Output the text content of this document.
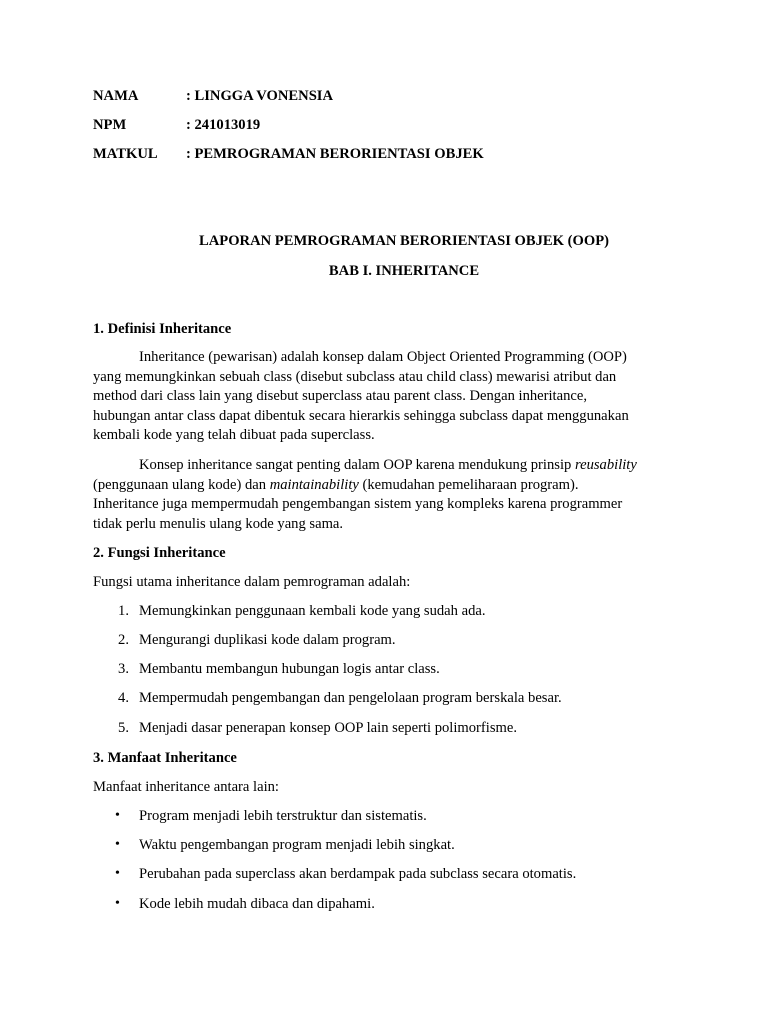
NAMA	: LINGGA VONENSIA
NPM	: 241013019
MATKUL : PEMROGRAMAN BERORIENTASI OBJEK
LAPORAN PEMROGRAMAN BERORIENTASI OBJEK (OOP)
BAB I. INHERITANCE
1. Definisi Inheritance
Inheritance (pewarisan) adalah konsep dalam Object Oriented Programming (OOP)
yang memungkinkan sebuah class (disebut subclass atau child class) mewarisi atribut dan
method dari class lain yang disebut superclass atau parent class. Dengan inheritance,
hubungan antar class dapat dibentuk secara hierarkis sehingga subclass dapat menggunakan
kembali kode yang telah dibuat pada superclass.
Konsep inheritance sangat penting dalam OOP karena mendukung prinsip reusability
(penggunaan ulang kode) dan maintainability (kemudahan pemeliharaan program).
Inheritance juga mempermudah pengembangan sistem yang kompleks karena programmer
tidak perlu menulis ulang kode yang sama.
2. Fungsi Inheritance
Fungsi utama inheritance dalam pemrograman adalah:
1. Memungkinkan penggunaan kembali kode yang sudah ada.
2. Mengurangi duplikasi kode dalam program.
3. Membantu membangun hubungan logis antar class.
4. Mempermudah pengembangan dan pengelolaan program berskala besar.
5. Menjadi dasar penerapan konsep OOP lain seperti polimorfisme.
3. Manfaat Inheritance
Manfaat inheritance antara lain:
•	Program menjadi lebih terstruktur dan sistematis.
•	Waktu pengembangan program menjadi lebih singkat.
•	Perubahan pada superclass akan berdampak pada subclass secara otomatis.
•	Kode lebih mudah dibaca dan dipahami.
